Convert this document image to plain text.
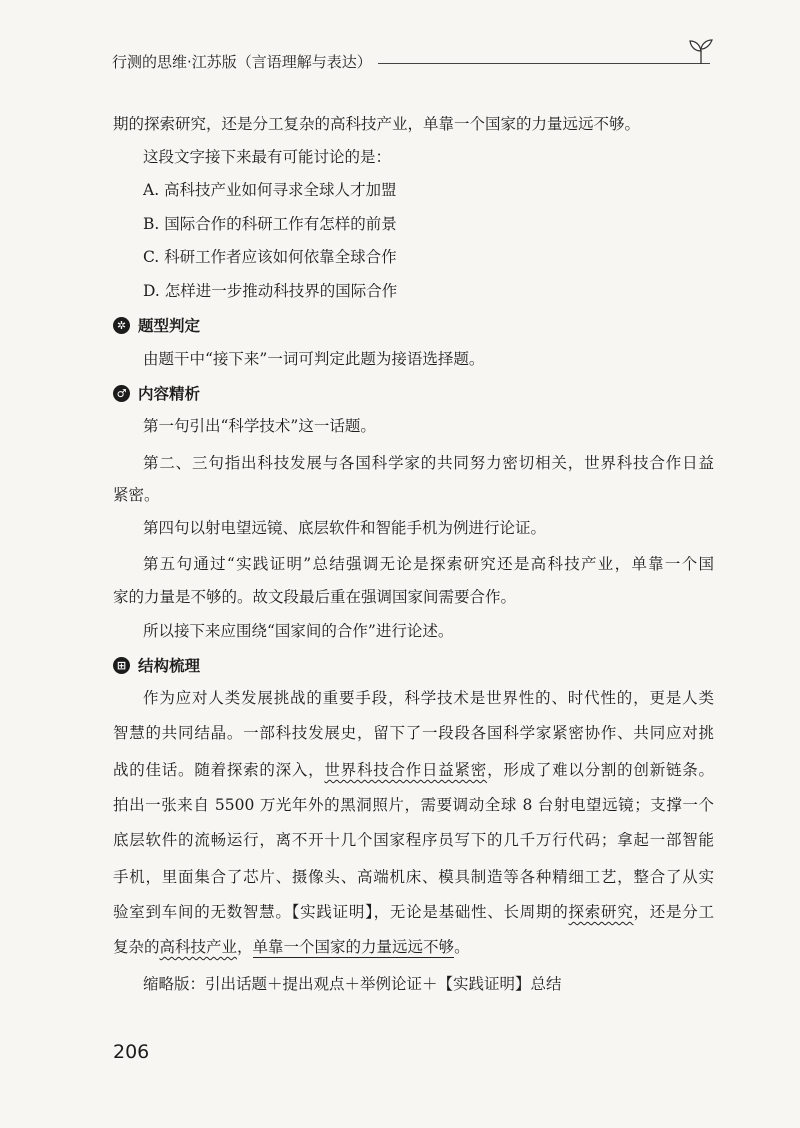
行测的思维·江苏版（言语理解与表达）
期的探索研究，还是分工复杂的高科技产业，单靠一个国家的力量远远不够。
这段文字接下来最有可能讨论的是：
A. 高科技产业如何寻求全球人才加盟
B. 国际合作的科研工作有怎样的前景
C. 科研工作者应该如何依靠全球合作
D. 怎样进一步推动科技界的国际合作
✲ 题型判定
由题干中“接下来”一词可判定此题为接语选择题。
♂ 内容精析
第一句引出“科学技术”这一话题。
第二、三句指出科技发展与各国科学家的共同努力密切相关，世界科技合作日益
紧密。
第四句以射电望远镜、底层软件和智能手机为例进行论证。
第五句通过“实践证明”总结强调无论是探索研究还是高科技产业，单靠一个国
家的力量是不够的。故文段最后重在强调国家间需要合作。
所以接下来应围绕“国家间的合作”进行论述。
⊞ 结构梳理
作为应对人类发展挑战的重要手段，科学技术是世界性的、时代性的，更是人类
智慧的共同结晶。一部科技发展史，留下了一段段各国科学家紧密协作、共同应对挑
战的佳话。随着探索的深入，世界科技合作日益紧密，形成了难以分割的创新链条。
拍出一张来自 5500 万光年外的黑洞照片，需要调动全球 8 台射电望远镜；支撑一个
底层软件的流畅运行，离不开十几个国家程序员写下的几千万行代码；拿起一部智能
手机，里面集合了芯片、摄像头、高端机床、模具制造等各种精细工艺，整合了从实
验室到车间的无数智慧。【实践证明】，无论是基础性、长周期的探索研究，还是分工
复杂的高科技产业，单靠一个国家的力量远远不够。
缩略版：引出话题＋提出观点＋举例论证＋【实践证明】总结
206
